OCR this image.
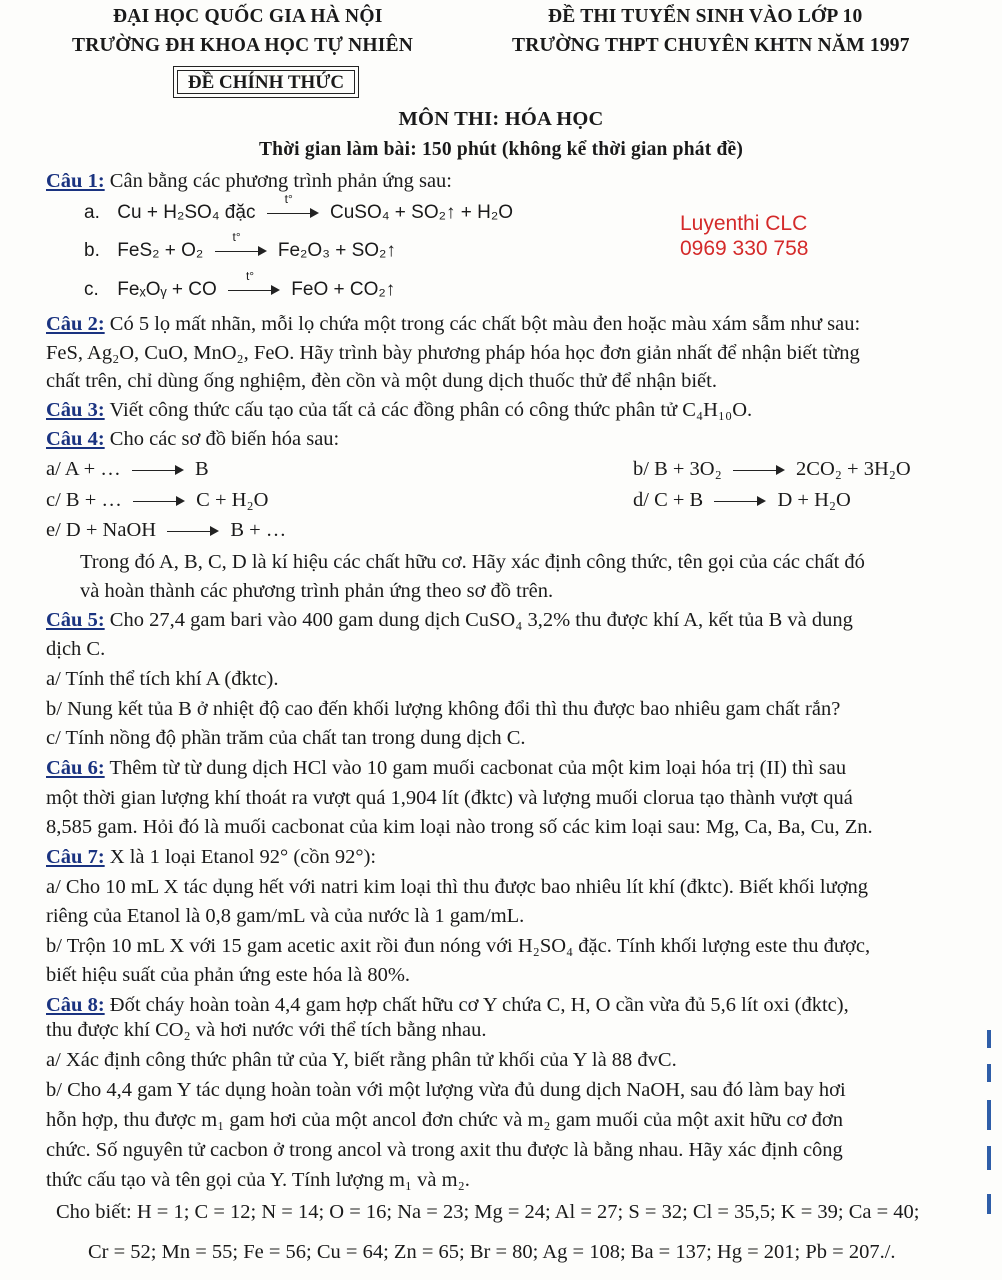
ĐẠI HỌC QUỐC GIA HÀ NỘI
TRƯỜNG ĐH KHOA HỌC TỰ NHIÊN
ĐỀ THI TUYỂN SINH VÀO LỚP 10
TRƯỜNG THPT CHUYÊN KHTN NĂM 1997
ĐỀ CHÍNH THỨC
MÔN THI: HÓA HỌC
Thời gian làm bài: 150 phút (không kể thời gian phát đề)
Luyenthi CLC
0969 330 758
Câu 1: Cân bằng các phương trình phản ứng sau:
a. Cu + H₂SO₄ đặc
t°
CuSO₄ + SO₂↑ + H₂O
b. FeS₂ + O₂
t°
Fe₂O₃ + SO₂↑
c. FeₓOᵧ + CO
t°
FeO + CO₂↑
Câu 2: Có 5 lọ mất nhãn, mỗi lọ chứa một trong các chất bột màu đen hoặc màu xám sẫm như sau:
FeS, Ag₂O, CuO, MnO₂, FeO. Hãy trình bày phương pháp hóa học đơn giản nhất để nhận biết từng
chất trên, chỉ dùng ống nghiệm, đèn cồn và một dung dịch thuốc thử để nhận biết.
Câu 3: Viết công thức cấu tạo của tất cả các đồng phân có công thức phân tử C₄H₁₀O.
Câu 4: Cho các sơ đồ biến hóa sau:
a/ A + …	B	b/ B + 3O₂	2CO₂ + 3H₂O
c/ B + …	C + H₂O	d/ C + B	D + H₂O
e/ D + NaOH	B + …
Trong đó A, B, C, D là kí hiệu các chất hữu cơ. Hãy xác định công thức, tên gọi của các chất đó
và hoàn thành các phương trình phản ứng theo sơ đồ trên.
Câu 5: Cho 27,4 gam bari vào 400 gam dung dịch CuSO₄ 3,2% thu được khí A, kết tủa B và dung
dịch C.
a/ Tính thể tích khí A (đktc).
b/ Nung kết tủa B ở nhiệt độ cao đến khối lượng không đổi thì thu được bao nhiêu gam chất rắn?
c/ Tính nồng độ phần trăm của chất tan trong dung dịch C.
Câu 6: Thêm từ từ dung dịch HCl vào 10 gam muối cacbonat của một kim loại hóa trị (II) thì sau
một thời gian lượng khí thoát ra vượt quá 1,904 lít (đktc) và lượng muối clorua tạo thành vượt quá
8,585 gam. Hỏi đó là muối cacbonat của kim loại nào trong số các kim loại sau: Mg, Ca, Ba, Cu, Zn.
Câu 7: X là 1 loại Etanol 92° (cồn 92°):
a/ Cho 10 mL X tác dụng hết với natri kim loại thì thu được bao nhiêu lít khí (đktc). Biết khối lượng
riêng của Etanol là 0,8 gam/mL và của nước là 1 gam/mL.
b/ Trộn 10 mL X với 15 gam acetic axit rồi đun nóng với H₂SO₄ đặc. Tính khối lượng este thu được,
biết hiệu suất của phản ứng este hóa là 80%.
Câu 8: Đốt cháy hoàn toàn 4,4 gam hợp chất hữu cơ Y chứa C, H, O cần vừa đủ 5,6 lít oxi (đktc),
thu được khí CO₂ và hơi nước với thể tích bằng nhau.
a/ Xác định công thức phân tử của Y, biết rằng phân tử khối của Y là 88 đvC.
b/ Cho 4,4 gam Y tác dụng hoàn toàn với một lượng vừa đủ dung dịch NaOH, sau đó làm bay hơi
hỗn hợp, thu được m₁ gam hơi của một ancol đơn chức và m₂ gam muối của một axit hữu cơ đơn
chức. Số nguyên tử cacbon ở trong ancol và trong axit thu được là bằng nhau. Hãy xác định công
thức cấu tạo và tên gọi của Y. Tính lượng m₁ và m₂.
Cho biết: H = 1; C = 12; N = 14; O = 16; Na = 23; Mg = 24; Al = 27; S = 32; Cl = 35,5; K = 39; Ca = 40;
Cr = 52; Mn = 55; Fe = 56; Cu = 64; Zn = 65; Br = 80; Ag = 108; Ba = 137; Hg = 201; Pb = 207./.
